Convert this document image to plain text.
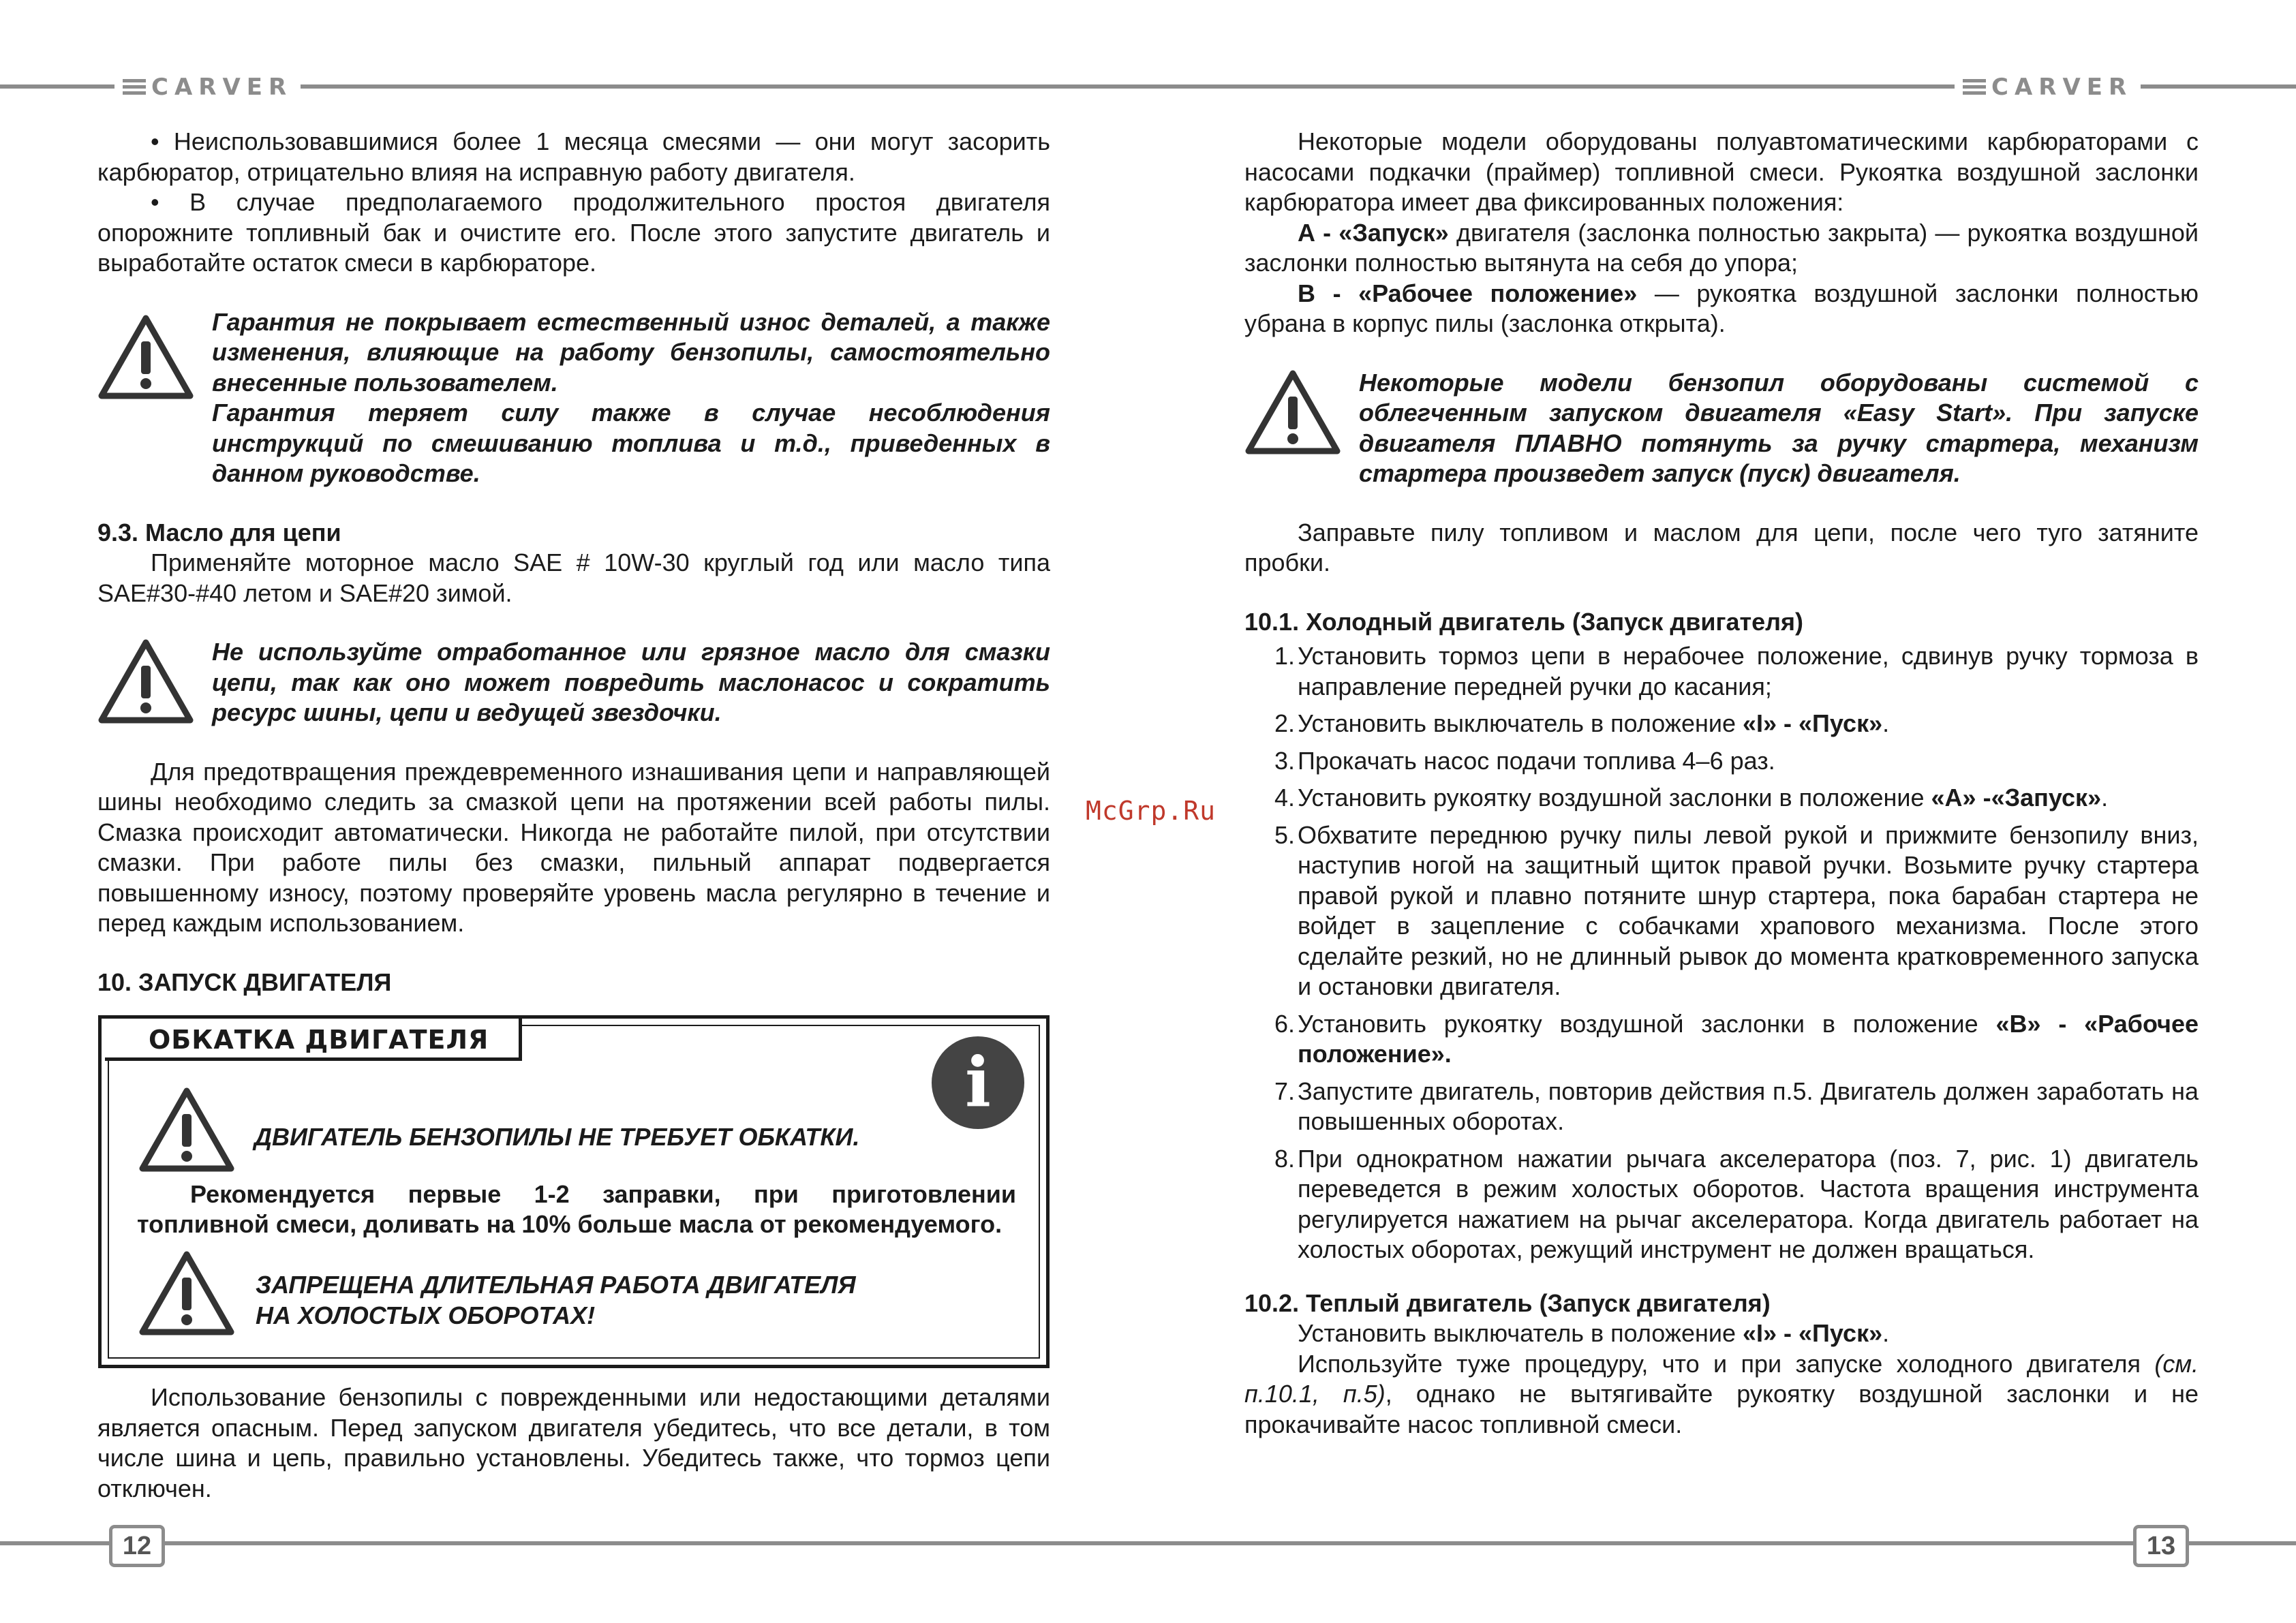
CARVER	CARVER
12	13
McGrp.Ru

• Неиспользовавшимися более 1 месяца смесями — они могут засорить карбюратор, отрицательно влияя на исправную работу двигателя.

• В случае предполагаемого продолжительного простоя двигателя опорожните топливный бак и очистите его. После этого запустите двигатель и выработайте остаток смеси в карбюраторе.

Гарантия не покрывает естественный износ деталей, а также изменения, влияющие на работу бензопилы, самостоятельно внесенные пользователем.

Гарантия теряет силу также в случае несоблюдения инструкций по смешиванию топлива и т.д., приведенных в данном руководстве.

9.3. Масло для цепи

Применяйте моторное масло SAE # 10W-30 круглый год или масло типа SAE#30-#40 летом и SAE#20 зимой.

Не используйте отработанное или грязное масло для смазки цепи, так как оно может повредить маслонасос и сократить ресурс шины, цепи и ведущей звездочки.

Для предотвращения преждевременного изнашивания цепи и направляющей шины необходимо следить за смазкой цепи на протяжении всей работы пилы. Смазка происходит автоматически. Никогда не работайте пилой, при отсутствии смазки. При работе пилы без смазки, пильный аппарат подвергается повышенному износу, поэтому проверяйте уровень масла регулярно в течение и перед каждым использованием.

10. ЗАПУСК ДВИГАТЕЛЯ

ОБКАТКА ДВИГАТЕЛЯ
i
ДВИГАТЕЛЬ БЕНЗОПИЛЫ НЕ ТРЕБУЕТ ОБКАТКИ.
Рекомендуется первые 1-2 заправки, при приготовлении топливной смеси, доливать на 10% больше масла от рекомендуемого.
ЗАПРЕЩЕНА ДЛИТЕЛЬНАЯ РАБОТА ДВИГАТЕЛЯ
НА ХОЛОСТЫХ ОБОРОТАХ!

Использование бензопилы с поврежденными или недостающими деталями является опасным. Перед запуском двигателя убедитесь, что все детали, в том числе шина и цепь, правильно установлены. Убедитесь также, что тормоз цепи отключен.

Некоторые модели оборудованы полуавтоматическими карбюраторами с насосами подкачки (праймер) топливной смеси. Рукоятка воздушной заслонки карбюратора имеет два фиксированных положения:

А - «Запуск» двигателя (заслонка полностью закрыта) — рукоятка воздушной заслонки полностью вытянута на себя до упора;

В - «Рабочее положение» — рукоятка воздушной заслонки полностью убрана в корпус пилы (заслонка открыта).

Некоторые модели бензопил оборудованы системой с облегченным запуском двигателя «Easy Start». При запуске двигателя ПЛАВНО потянуть за ручку стартера, механизм стартера произведет запуск (пуск) двигателя.

Заправьте пилу топливом и маслом для цепи, после чего туго затяните пробки.

10.1. Холодный двигатель (Запуск двигателя)

1. Установить тормоз цепи в нерабочее положение, сдвинув ручку тормоза в направление передней ручки до касания;
2. Установить выключатель в положение «I» - «Пуск».
3. Прокачать насос подачи топлива 4–6 раз.
4. Установить рукоятку воздушной заслонки в положение «А» -«Запуск».
5. Обхватите переднюю ручку пилы левой рукой и прижмите бензопилу вниз, наступив ногой на защитный щиток правой ручки. Возьмите ручку стартера правой рукой и плавно потяните шнур стартера, пока барабан стартера не войдет в зацепление с собачками храпового механизма. После этого сделайте резкий, но не длинный рывок до момента кратковременного запуска и остановки двигателя.
6. Установить рукоятку воздушной заслонки в положение «В» - «Рабочее положение».
7. Запустите двигатель, повторив действия п.5. Двигатель должен заработать на повышенных оборотах.
8. При однократном нажатии рычага акселератора (поз. 7, рис. 1) двигатель переведется в режим холостых оборотов. Частота вращения инструмента регулируется нажатием на рычаг акселератора. Когда двигатель работает на холостых оборотах, режущий инструмент не должен вращаться.

10.2. Теплый двигатель (Запуск двигателя)

Установить выключатель в положение «I» - «Пуск».

Используйте туже процедуру, что и при запуске холодного двигателя (см. п.10.1, п.5), однако не вытягивайте рукоятку воздушной заслонки и не прокачивайте насос топливной смеси.
